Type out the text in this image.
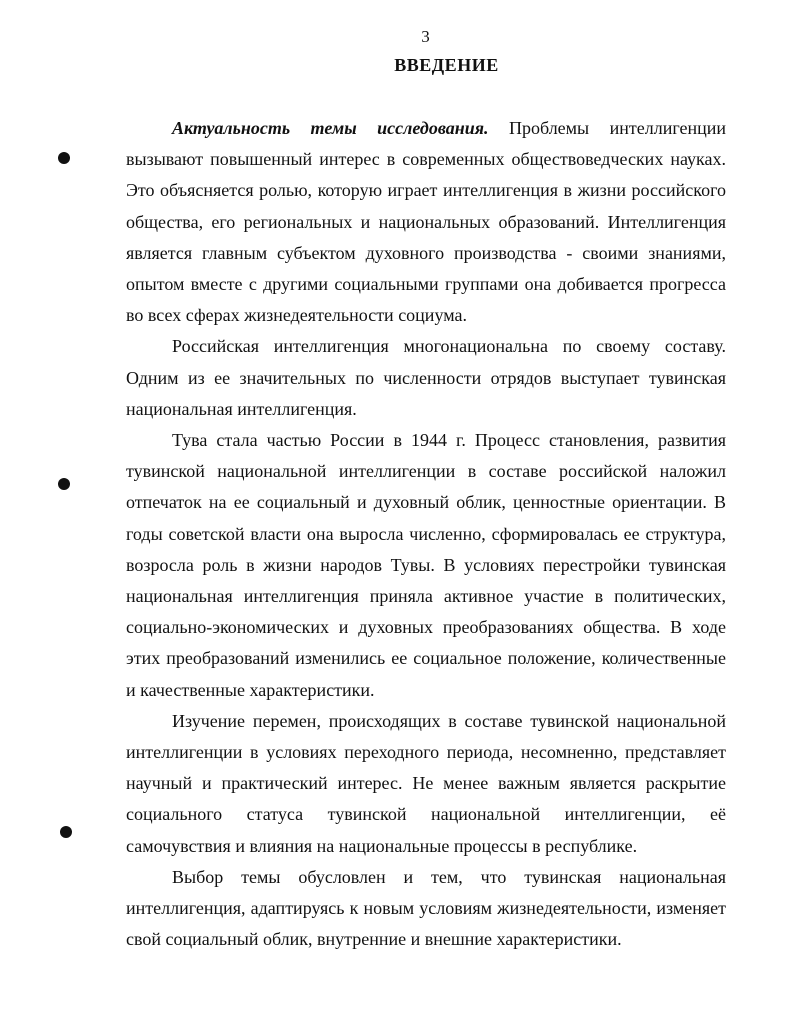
3
ВВЕДЕНИЕ

Актуальность темы исследования. Проблемы интеллигенции вызывают повышенный интерес в современных обществоведческих науках. Это объясняется ролью, которую играет интеллигенция в жизни российского общества, его региональных и национальных образований. Интеллигенция является главным субъектом духовного производства - своими знаниями, опытом вместе с другими социальными группами она добивается прогресса во всех сферах жизнедеятельности социума.

Российская интеллигенция многонациональна по своему составу. Одним из ее значительных по численности отрядов выступает тувинская национальная интеллигенция.

Тува стала частью России в 1944 г. Процесс становления, развития тувинской национальной интеллигенции в составе российской наложил отпечаток на ее социальный и духовный облик, ценностные ориентации. В годы советской власти она выросла численно, сформировалась ее структура, возросла роль в жизни народов Тувы. В условиях перестройки тувинская национальная интеллигенция приняла активное участие в политических, социально-экономических и духовных преобразованиях общества. В ходе этих преобразований изменились ее социальное положение, количественные и качественные характеристики.

Изучение перемен, происходящих в составе тувинской национальной интеллигенции в условиях переходного периода, несомненно, представляет научный и практический интерес. Не менее важным является раскрытие социального статуса тувинской национальной интеллигенции, её самочувствия и влияния на национальные процессы в республике.

Выбор темы обусловлен и тем, что тувинская национальная интеллигенция, адаптируясь к новым условиям жизнедеятельности, изменяет свой социальный облик, внутренние и внешние характеристики.
